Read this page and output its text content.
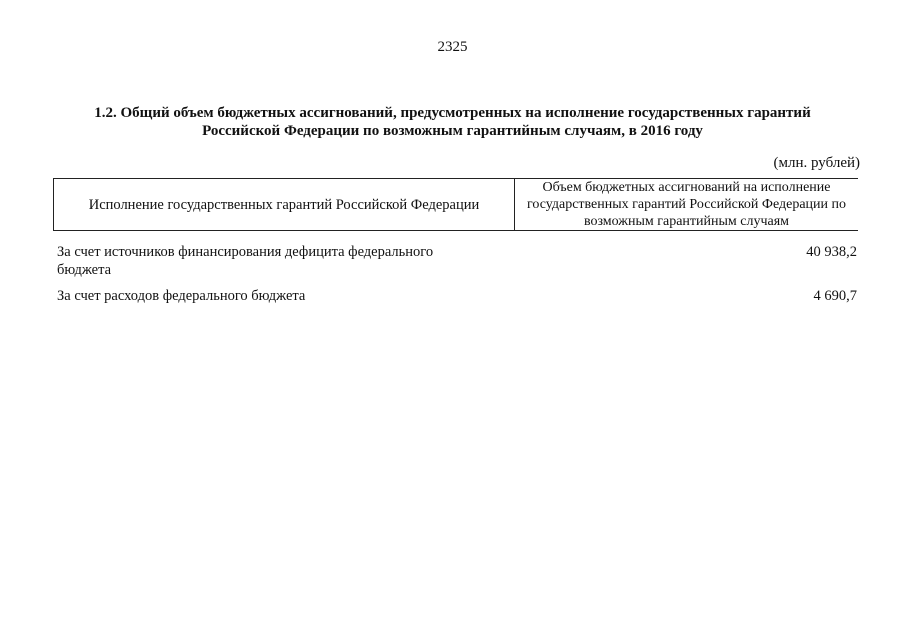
2325
1.2. Общий объем бюджетных ассигнований, предусмотренных на исполнение государственных гарантий Российской Федерации по возможным гарантийным случаям, в 2016 году
(млн. рублей)
Исполнение государственных гарантий Российской Федерации
Объем бюджетных ассигнований на исполнение государственных гарантий Российской Федерации по возможным гарантийным случаям
За счет источников финансирования дефицита федерального бюджета
40 938,2
За счет расходов федерального бюджета	4 690,7
